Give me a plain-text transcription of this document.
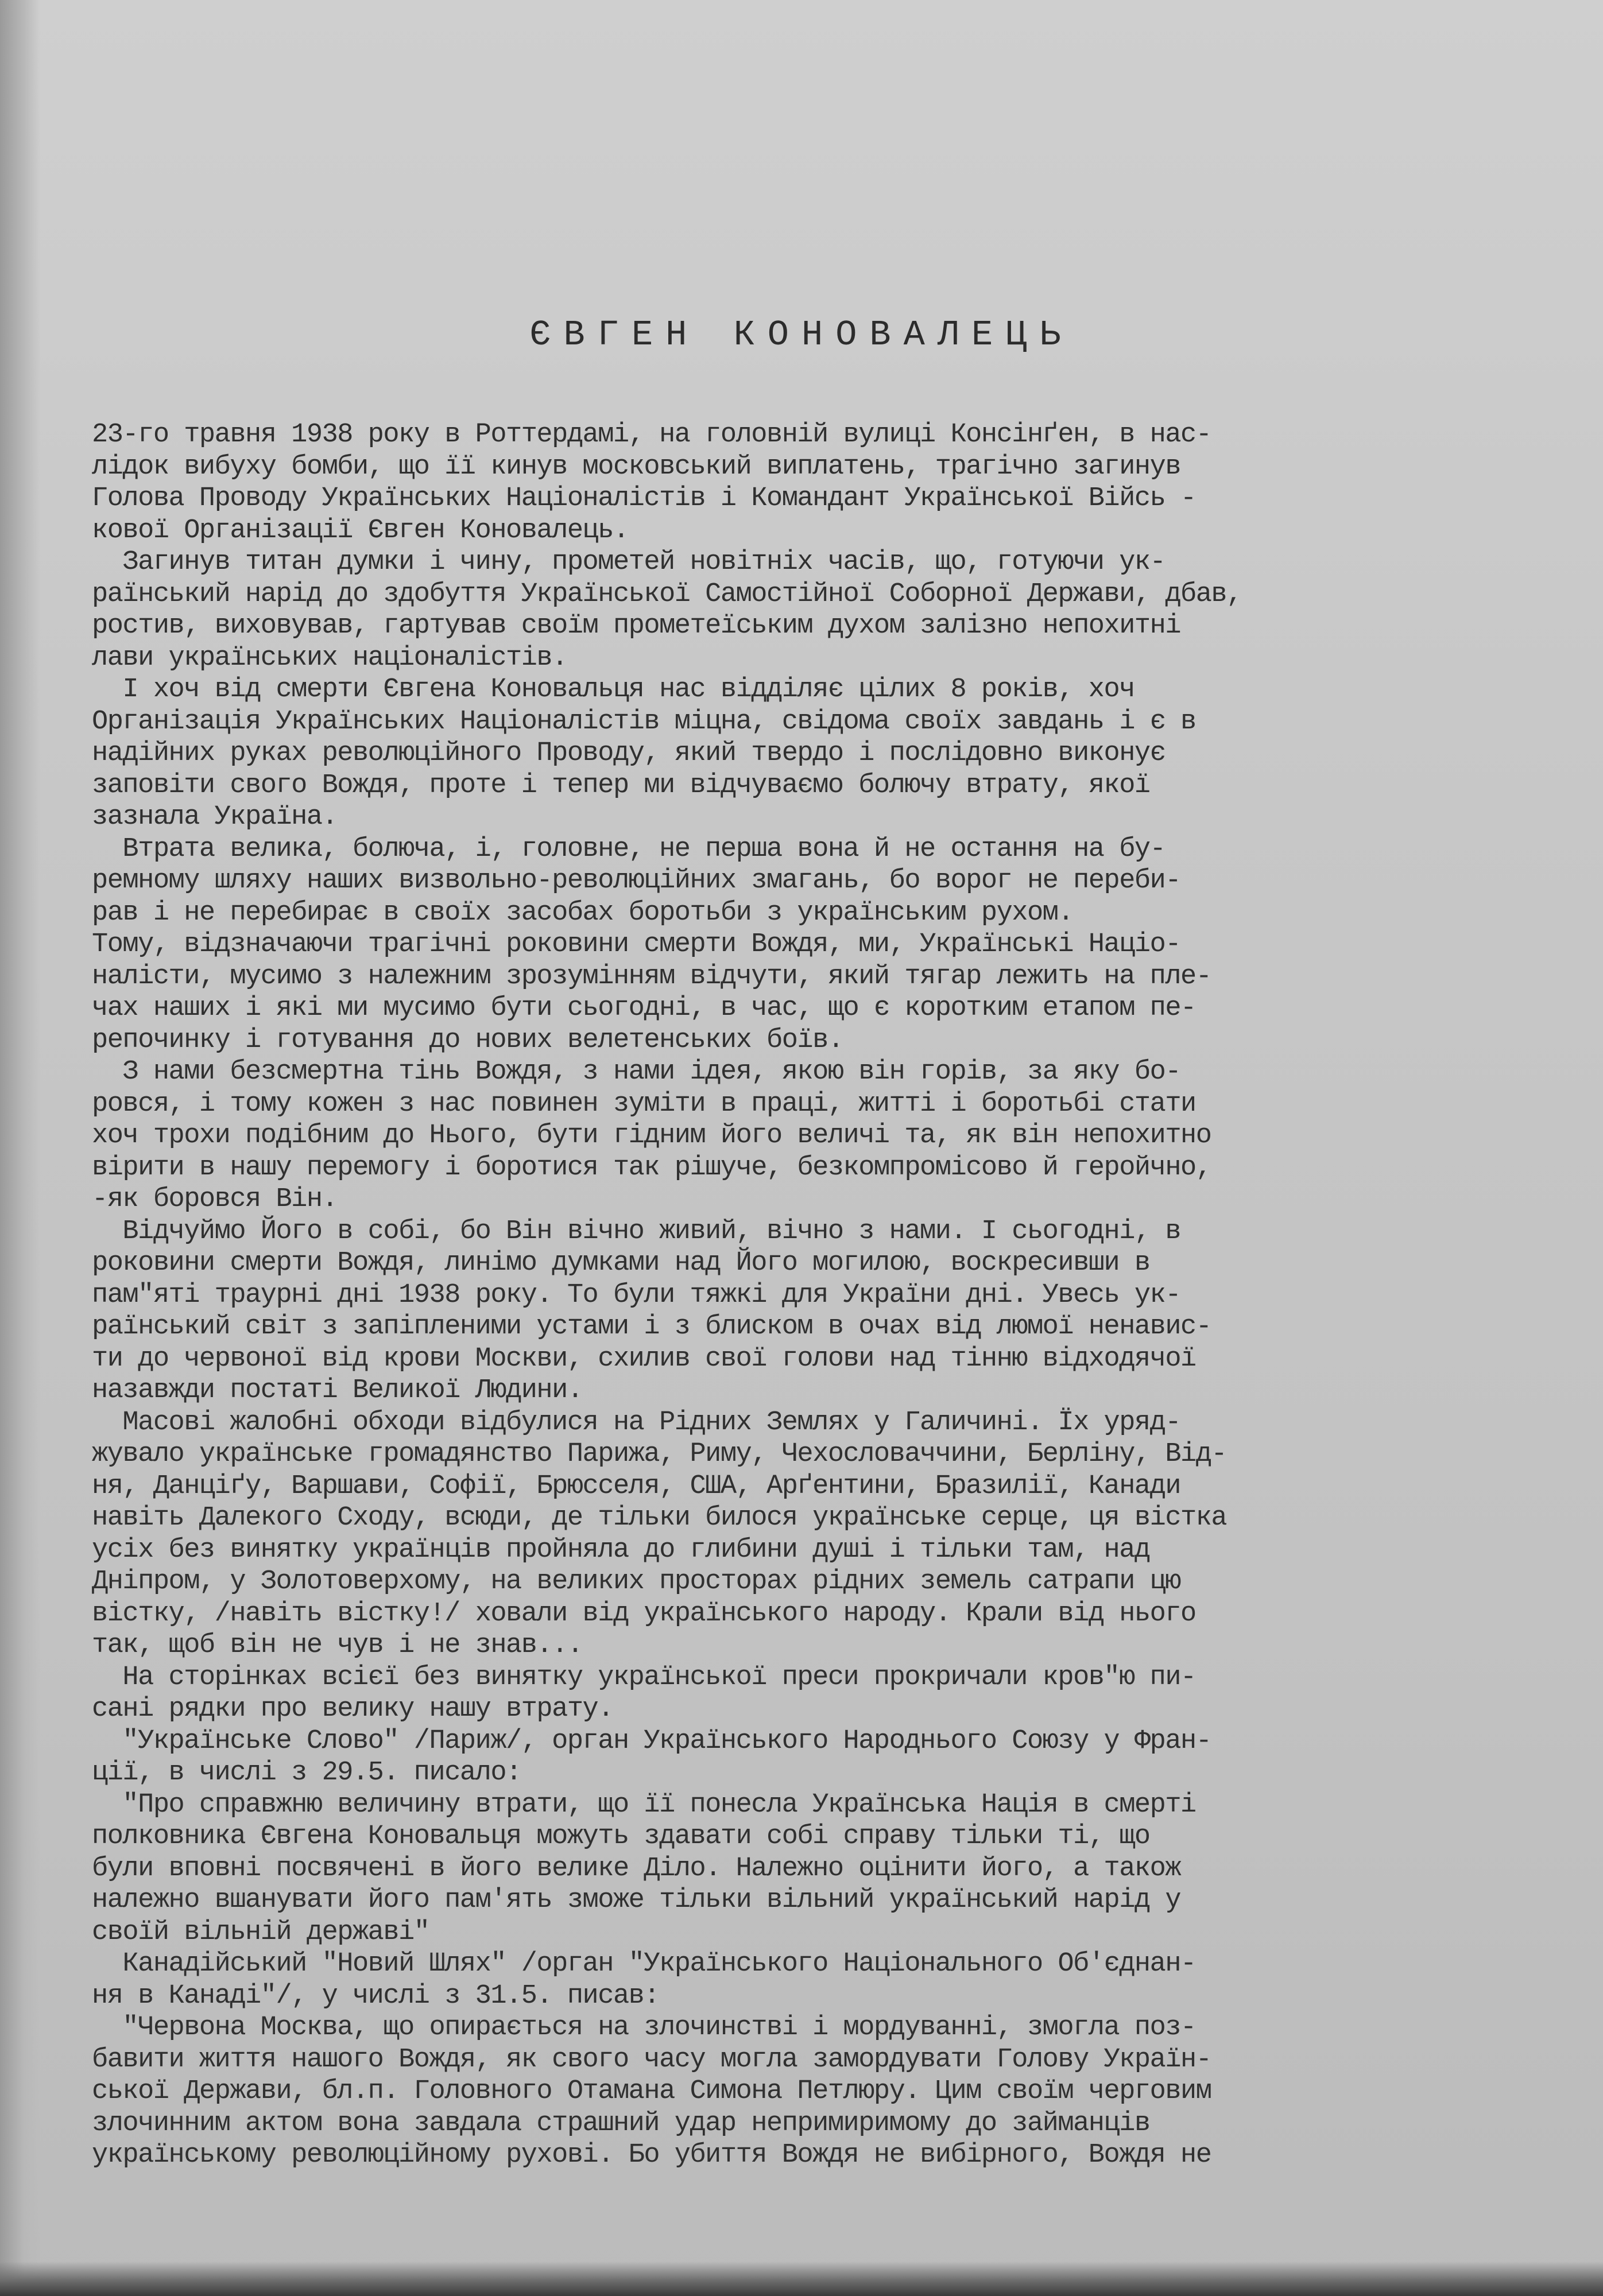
ЄВГЕН КОНОВАЛЕЦЬ
23-го травня 1938 року в Роттердамі, на головній вулиці Консінґен, в нас-
лідок вибуху бомби, що її кинув московський виплатень, трагічно загинув
Голова Проводу Українських Націоналістів і Командант Української Війсь -
кової Організації Євген Коновалець.
Загинув титан думки і чину, прометей новітніх часів, що, готуючи ук-
раїнський нарід до здобуття Української Самостійної Соборної Держави, дбав,
ростив, виховував, гартував своїм прометеїським духом залізно непохитні
лави українських націоналістів.
І хоч від смерти Євгена Коновальця нас відділяє цілих 8 років, хоч
Організація Українських Націоналістів міцна, свідома своїх завдань і є в
надійних руках революційного Проводу, який твердо і послідовно виконує
заповіти свого Вождя, проте і тепер ми відчуваємо болючу втрату, якої
зазнала Україна.
Втрата велика, болюча, і, головне, не перша вона й не остання на бу-
ремному шляху наших визвольно-революційних змагань, бо ворог не переби-
рав і не перебирає в своїх засобах боротьби з українським рухом.
Тому, відзначаючи трагічні роковини смерти Вождя, ми, Українські Націо-
налісти, мусимо з належним зрозумінням відчути, який тягар лежить на пле-
чах наших і які ми мусимо бути сьогодні, в час, що є коротким етапом пе-
репочинку і готування до нових велетенських боїв.
З нами безсмертна тінь Вождя, з нами ідея, якою він горів, за яку бо-
ровся, і тому кожен з нас повинен зуміти в праці, житті і боротьбі стати
хоч трохи подібним до Нього, бути гідним його величі та, як він непохитно
вірити в нашу перемогу і боротися так рішуче, безкомпромісово й геройчно,
-як боровся Він.
Відчуймо Його в собі, бо Він вічно живий, вічно з нами. І сьогодні, в
роковини смерти Вождя, линімо думками над Його могилою, воскресивши в
пам"яті траурні дні 1938 року. То були тяжкі для України дні. Увесь ук-
раїнський світ з запіпленими устами і з блиском в очах від люмої ненавис-
ти до червоної від крови Москви, схилив свої голови над тінню відходячої
назавжди постаті Великої Людини.
Масові жалобні обходи відбулися на Рідних Землях у Галичині. Їх уряд-
жувало українське громадянство Парижа, Риму, Чехословаччини, Берліну, Від-
ня, Данціґу, Варшави, Софії, Брюсселя, США, Арґентини, Бразилії, Канади
навіть Далекого Сходу, всюди, де тільки билося українське серце, ця вістка
усіх без винятку українців пройняла до глибини душі і тільки там, над
Дніпром, у Золотоверхому, на великих просторах рідних земель сатрапи цю
вістку, /навіть вістку!/ ховали від українського народу. Крали від нього
так, щоб він не чув і не знав...
На сторінках всієї без винятку української преси прокричали кров"ю пи-
сані рядки про велику нашу втрату.
"Українське Слово" /Париж/, орган Українського Народнього Союзу у Фран-
ції, в числі з 29.5. писало:
"Про справжню величину втрати, що її понесла Українська Нація в смерті
полковника Євгена Коновальця можуть здавати собі справу тільки ті, що
були вповні посвячені в його велике Діло. Належно оцінити його, а також
належно вшанувати його пам'ять зможе тільки вільний український нарід у
своїй вільній державі"
Канадійський "Новий Шлях" /орган "Українського Національного Об'єднан-
ня в Канаді"/, у числі з 31.5. писав:
"Червона Москва, що опирається на злочинстві і мордуванні, змогла поз-
бавити життя нашого Вождя, як свого часу могла замордувати Голову Україн-
ської Держави, бл.п. Головного Отамана Симона Петлюру. Цим своїм черговим
злочинним актом вона завдала страшний удар непримиримому до займанців
українському революційному рухові. Бо убиття Вождя не вибірного, Вождя не
